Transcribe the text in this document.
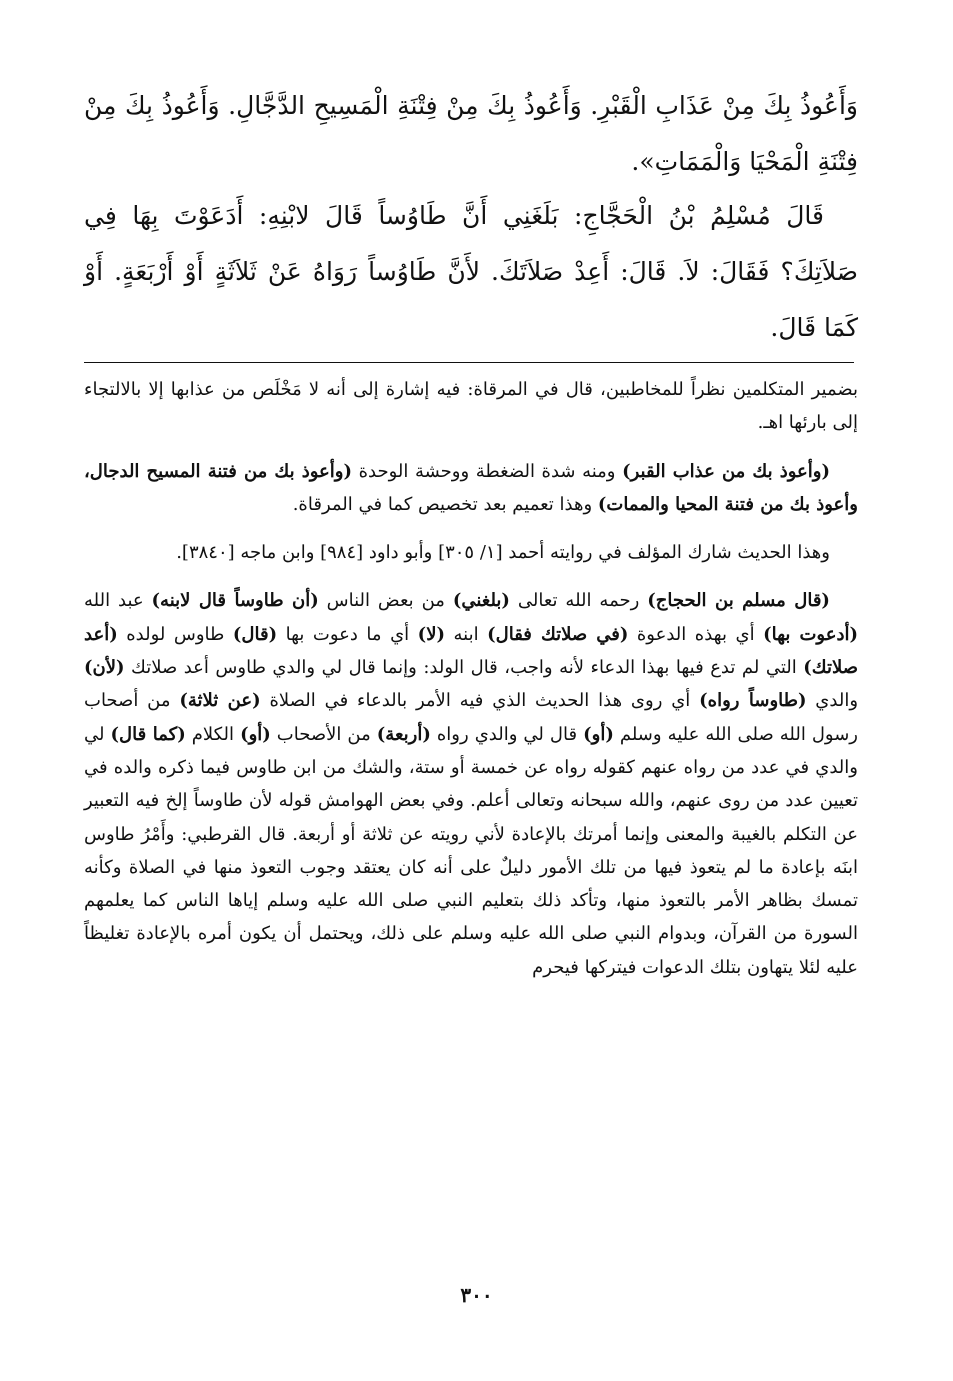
وَأَعُوذُ بِكَ مِنْ عَذَابِ الْقَبْرِ. وَأَعُوذُ بِكَ مِنْ فِتْنَةِ الْمَسِيحِ الدَّجَّالِ. وَأَعُوذُ بِكَ مِنْ فِتْنَةِ الْمَحْيَا وَالْمَمَاتِ».

قَالَ مُسْلِمُ بْنُ الْحَجَّاجِ: بَلَغَنِي أَنَّ طَاوُساً قَالَ لابْنِهِ: أَدَعَوْتَ بِهَا فِي صَلاَتِكَ؟ فَقَالَ: لاَ. قَالَ: أَعِدْ صَلاَتَكَ. لأَنَّ طَاوُساً رَوَاهُ عَنْ ثَلاَثَةٍ أَوْ أَرْبَعَةٍ. أَوْ كَمَا قَالَ.

بضمير المتكلمين نظراً للمخاطبين، قال في المرقاة: فيه إشارة إلى أنه لا مَخْلَص من عذابها إلا بالالتجاء إلى بارئها اهـ.

(وأعوذ بك من عذاب القبر) ومنه شدة الضغطة ووحشة الوحدة (وأعوذ بك من فتنة المسيح الدجال، وأعوذ بك من فتنة المحيا والممات) وهذا تعميم بعد تخصيص كما في المرقاة.

وهذا الحديث شارك المؤلف في روايته أحمد [١/ ٣٠٥] وأبو داود [٩٨٤] وابن ماجه [٣٨٤٠].

(قال مسلم بن الحجاج) رحمه الله تعالى (بلغني) من بعض الناس (أن طاوساً قال لابنه) عبد الله (أدعوت بها) أي بهذه الدعوة (في صلاتك فقال) ابنه (لا) أي ما دعوت بها (قال) طاوس لولده (أعد صلاتك) التي لم تدع فيها بهذا الدعاء لأنه واجب، قال الولد: وإنما قال لي والدي طاوس أعد صلاتك (لأن) والدي (طاوساً رواه) أي روى هذا الحديث الذي فيه الأمر بالدعاء في الصلاة (عن ثلاثة) من أصحاب رسول الله صلى الله عليه وسلم (أو) قال لي والدي رواه (أربعة) من الأصحاب (أو) الكلام (كما قال) لي والدي في عدد من رواه عنهم كقوله رواه عن خمسة أو ستة، والشك من ابن طاوس فيما ذكره والده في تعيين عدد من روى عنهم، والله سبحانه وتعالى أعلم. وفي بعض الهوامش قوله لأن طاوساً إلخ فيه التعبير عن التكلم بالغيبة والمعنى وإنما أمرتك بالإعادة لأني رويته عن ثلاثة أو أربعة. قال القرطبي: وأَمْرُ طاوس ابنَه بإعادة ما لم يتعوذ فيها من تلك الأمور دليلٌ على أنه كان يعتقد وجوب التعوذ منها في الصلاة وكأنه تمسك بظاهر الأمر بالتعوذ منها، وتأكد ذلك بتعليم النبي صلى الله عليه وسلم إياها الناس كما يعلمهم السورة من القرآن، وبدوام النبي صلى الله عليه وسلم على ذلك، ويحتمل أن يكون أمره بالإعادة تغليظاً عليه لئلا يتهاون بتلك الدعوات فيتركها فيحرم

٣٠٠
